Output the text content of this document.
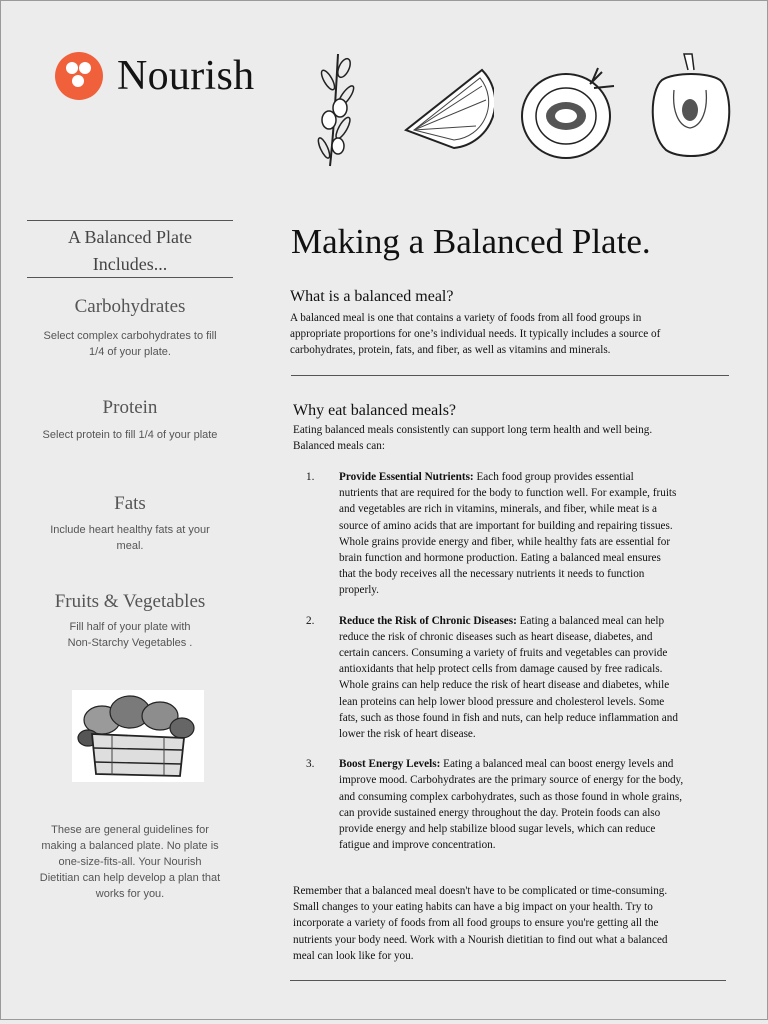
Nourish
A Balanced Plate
Includes...
Carbohydrates
Select complex carbohydrates to fill
1/4 of your plate.
Protein
Select protein to fill 1/4 of your plate
Fats
Include heart healthy fats at your
meal.
Fruits & Vegetables
Fill half of your plate with
Non-Starchy Vegetables .
These are general guidelines for
making a balanced plate. No plate is
one-size-fits-all. Your Nourish
Dietitian can help develop a plan that
works for you.
Making a Balanced Plate.
What is a balanced meal?
A balanced meal is one that contains a variety of foods from all food groups in
appropriate proportions for one’s individual needs. It typically includes a source of
carbohydrates, protein, fats, and fiber, as well as vitamins and minerals.
Why eat balanced meals?
Eating balanced meals consistently can support long term health and well being.
Balanced meals can:
1. Provide Essential Nutrients: Each food group provides essential
nutrients that are required for the body to function well. For example, fruits
and vegetables are rich in vitamins, minerals, and fiber, while meat is a
source of amino acids that are important for building and repairing tissues.
Whole grains provide energy and fiber, while healthy fats are essential for
brain function and hormone production. Eating a balanced meal ensures
that the body receives all the necessary nutrients it needs to function
properly.
2. Reduce the Risk of Chronic Diseases: Eating a balanced meal can help
reduce the risk of chronic diseases such as heart disease, diabetes, and
certain cancers. Consuming a variety of fruits and vegetables can provide
antioxidants that help protect cells from damage caused by free radicals.
Whole grains can help reduce the risk of heart disease and diabetes, while
lean proteins can help lower blood pressure and cholesterol levels. Some
fats, such as those found in fish and nuts, can help reduce inflammation and
lower the risk of heart disease.
3. Boost Energy Levels: Eating a balanced meal can boost energy levels and
improve mood. Carbohydrates are the primary source of energy for the body,
and consuming complex carbohydrates, such as those found in whole grains,
can provide sustained energy throughout the day. Protein foods can also
provide energy and help stabilize blood sugar levels, which can reduce
fatigue and improve concentration.
Remember that a balanced meal doesn't have to be complicated or time-consuming.
Small changes to your eating habits can have a big impact on your health. Try to
incorporate a variety of foods from all food groups to ensure you're getting all the
nutrients your body need. Work with a Nourish dietitian to find out what a balanced
meal can look like for you.
